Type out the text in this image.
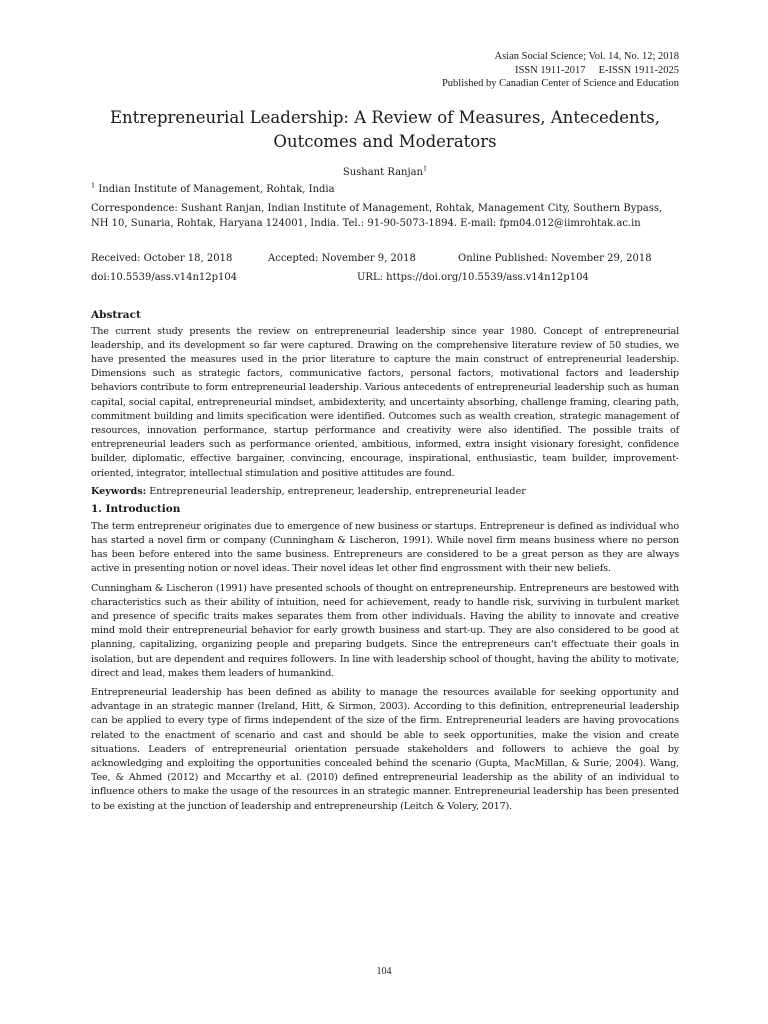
Asian Social Science; Vol. 14, No. 12; 2018
ISSN 1911-2017     E-ISSN 1911-2025
Published by Canadian Center of Science and Education
Entrepreneurial Leadership: A Review of Measures, Antecedents,
Outcomes and Moderators
Sushant Ranjan$^1$
$^1$ Indian Institute of Management, Rohtak, India
Correspondence: Sushant Ranjan, Indian Institute of Management, Rohtak, Management City, Southern Bypass, NH 10, Sunaria, Rohtak, Haryana 124001, India. Tel.: 91-90-5073-1894. E-mail: fpm04.012@iimrohtak.ac.in
Received: October 18, 2018	Accepted: November 9, 2018	Online Published: November 29, 2018
doi:10.5539/ass.v14n12p104	URL: https://doi.org/10.5539/ass.v14n12p104
Abstract

The current study presents the review on entrepreneurial leadership since year 1980. Concept of entrepreneurial leadership, and its development so far were captured. Drawing on the comprehensive literature review of 50 studies, we have presented the measures used in the prior literature to capture the main construct of entrepreneurial leadership. Dimensions such as strategic factors, communicative factors, personal factors, motivational factors and leadership behaviors contribute to form entrepreneurial leadership. Various antecedents of entrepreneurial leadership such as human capital, social capital, entrepreneurial mindset, ambidexterity, and uncertainty absorbing, challenge framing, clearing path, commitment building and limits specification were identified. Outcomes such as wealth creation, strategic management of resources, innovation performance, startup performance and creativity were also identified. The possible traits of entrepreneurial leaders such as performance oriented, ambitious, informed, extra insight visionary foresight, confidence builder, diplomatic, effective bargainer, convincing, encourage, inspirational, enthusiastic, team builder, improvement-oriented, integrator, intellectual stimulation and positive attitudes are found.

Keywords: Entrepreneurial leadership, entrepreneur, leadership, entrepreneurial leader
1. Introduction

The term entrepreneur originates due to emergence of new business or startups. Entrepreneur is defined as individual who has started a novel firm or company (Cunningham & Lischeron, 1991). While novel firm means business where no person has been before entered into the same business. Entrepreneurs are considered to be a great person as they are always active in presenting notion or novel ideas. Their novel ideas let other find engrossment with their new beliefs.

Cunningham & Lischeron (1991) have presented schools of thought on entrepreneurship. Entrepreneurs are bestowed with characteristics such as their ability of intuition, need for achievement, ready to handle risk, surviving in turbulent market and presence of specific traits makes separates them from other individuals. Having the ability to innovate and creative mind mold their entrepreneurial behavior for early growth business and start-up. They are also considered to be good at planning, capitalizing, organizing people and preparing budgets. Since the entrepreneurs can't effectuate their goals in isolation, but are dependent and requires followers. In line with leadership school of thought, having the ability to motivate, direct and lead, makes them leaders of humankind.

Entrepreneurial leadership has been defined as ability to manage the resources available for seeking opportunity and advantage in an strategic manner (Ireland, Hitt, & Sirmon, 2003). According to this definition, entrepreneurial leadership can be applied to every type of firms independent of the size of the firm. Entrepreneurial leaders are having provocations related to the enactment of scenario and cast and should be able to seek opportunities, make the vision and create situations. Leaders of entrepreneurial orientation persuade stakeholders and followers to achieve the goal by acknowledging and exploiting the opportunities concealed behind the scenario (Gupta, MacMillan, & Surie, 2004). Wang, Tee, & Ahmed (2012) and Mccarthy et al. (2010) defined entrepreneurial leadership as the ability of an individual to influence others to make the usage of the resources in an strategic manner. Entrepreneurial leadership has been presented to be existing at the junction of leadership and entrepreneurship (Leitch & Volery, 2017).

104
